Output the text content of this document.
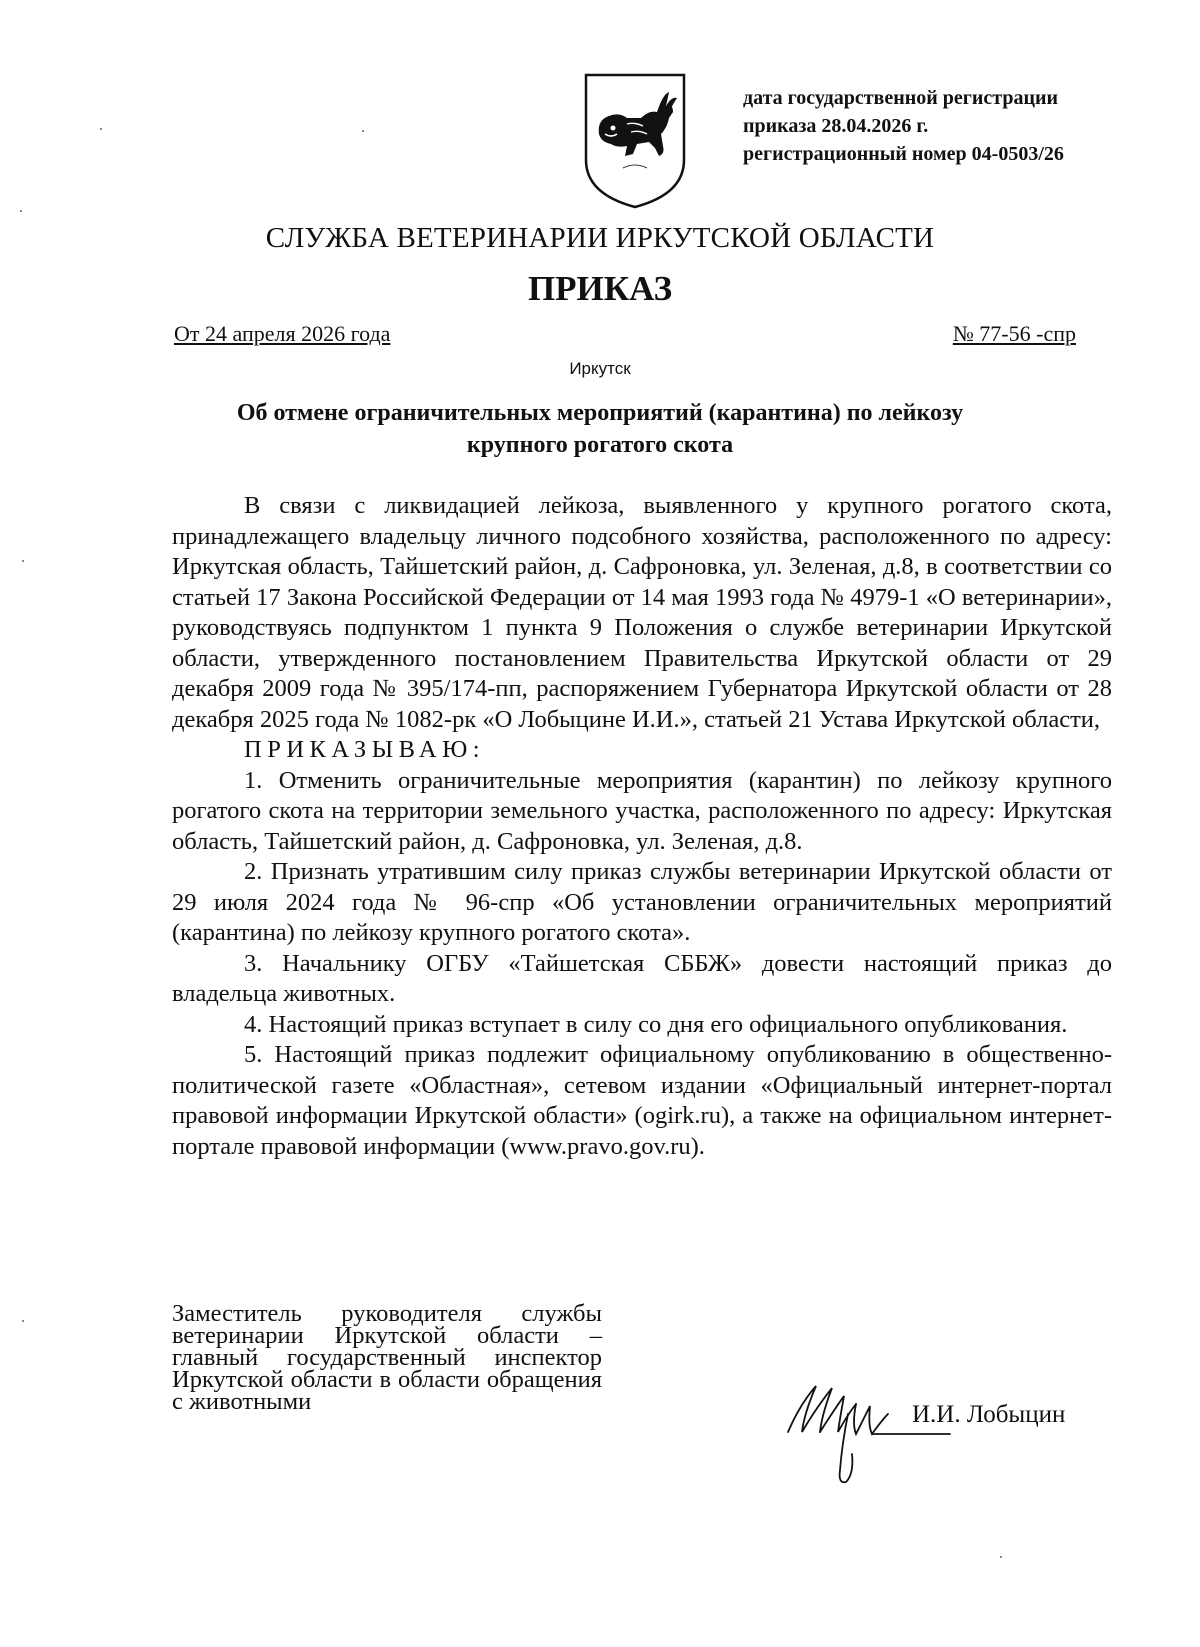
дата государственной регистрации
приказа 28.04.2026 г.
регистрационный номер 04-0503/26
СЛУЖБА ВЕТЕРИНАРИИ ИРКУТСКОЙ ОБЛАСТИ
ПРИКАЗ
От 24 апреля 2026 года	№ 77-56 -спр
Иркутск
Об отмене ограничительных мероприятий (карантина) по лейкозу
крупного рогатого скота

В связи с ликвидацией лейкоза, выявленного у крупного рогатого скота, принадлежащего владельцу личного подсобного хозяйства, расположенного по адресу: Иркутская область, Тайшетский район, д. Сафроновка, ул. Зеленая, д.8, в соответствии со статьей 17 Закона Российской Федерации от 14 мая 1993 года № 4979-1 «О ветеринарии», руководствуясь подпунктом 1 пункта 9 Положения о службе ветеринарии Иркутской области, утвержденного постановлением Правительства Иркутской области от 29 декабря 2009 года № 395/174-пп, распоряжением Губернатора Иркутской области от 28 декабря 2025 года № 1082-рк «О Лобыцине И.И.», статьей 21 Устава Иркутской области,

ПРИКАЗЫВАЮ:

1. Отменить ограничительные мероприятия (карантин) по лейкозу крупного рогатого скота на территории земельного участка, расположенного по адресу: Иркутская область, Тайшетский район, д. Сафроновка, ул. Зеленая, д.8.

2. Признать утратившим силу приказ службы ветеринарии Иркутской области от 29 июля 2024 года № 96-спр «Об установлении ограничительных мероприятий (карантина) по лейкозу крупного рогатого скота».

3. Начальнику ОГБУ «Тайшетская СББЖ» довести настоящий приказ до владельца животных.

4. Настоящий приказ вступает в силу со дня его официального опубликования.

5. Настоящий приказ подлежит официальному опубликованию в общественно-политической газете «Областная», сетевом издании «Официальный интернет-портал правовой информации Иркутской области» (ogirk.ru), а также на официальном интернет-портале правовой информации (www.pravo.gov.ru).

Заместитель руководителя службы ветеринарии Иркутской области – главный государственный инспектор Иркутской области в области обращения с животными	И.И. Лобыцин
